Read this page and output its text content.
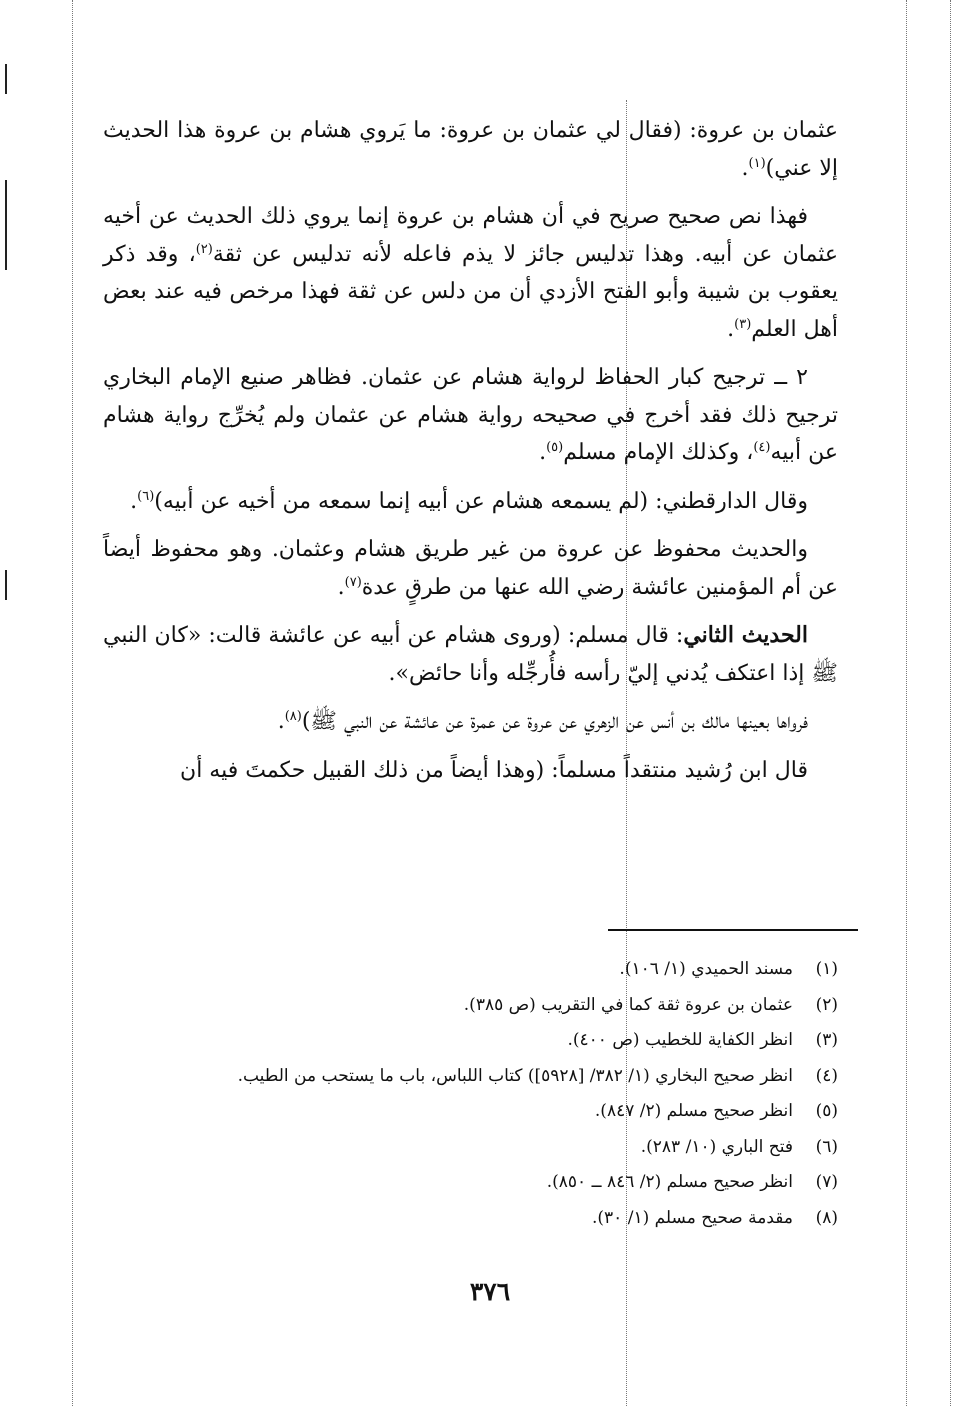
عثمان بن عروة: (فقال لي عثمان بن عروة: ما يَروي هشام بن عروة هذا الحديث إلا عني)$^{(١)}$.

فهذا نص صحيح صريح في أن هشام بن عروة إنما يروي ذلك الحديث عن أخيه عثمان عن أبيه. وهذا تدليس جائز لا يذم فاعله لأنه تدليس عن ثقة$^{(٢)}$، وقد ذكر يعقوب بن شيبة وأبو الفتح الأزدي أن من دلس عن ثقة فهذا مرخص فيه عند بعض أهل العلم$^{(٣)}$.

٢ ــ ترجيح كبار الحفاظ لرواية هشام عن عثمان. فظاهر صنيع الإمام البخاري ترجيح ذلك فقد أخرج في صحيحه رواية هشام عن عثمان ولم يُخرِّج رواية هشام عن أبيه$^{(٤)}$، وكذلك الإمام مسلم$^{(٥)}$.

وقال الدارقطني: (لم يسمعه هشام عن أبيه إنما سمعه من أخيه عن أبيه)$^{(٦)}$.

والحديث محفوظ عن عروة من غير طريق هشام وعثمان. وهو محفوظ أيضاً عن أم المؤمنين عائشة رضي الله عنها من طرقٍ عدة$^{(٧)}$.

الحديث الثاني: قال مسلم: (وروى هشام عن أبيه عن عائشة قالت: «كان النبي ﷺ إذا اعتكف يُدني إليّ رأسه فأُرجِّله وأنا حائض».

فرواها بعينها مالك بن أنس عن الزهري عن عروة عن عمرة عن عائشة عن النبي ﷺ)$^{(٨)}$.

قال ابن رُشيد منتقداً مسلماً: (وهذا أيضاً من ذلك القبيل حكمتَ فيه أن

(١)مسند الحميدي (١/ ١٠٦).
(٢)عثمان بن عروة ثقة كما في التقريب (ص ٣٨٥).
(٣)انظر الكفاية للخطيب (ص ٤٠٠).
(٤)انظر صحيح البخاري (١/ ٣٨٢/ [٥٩٢٨]) كتاب اللباس، باب ما يستحب من الطيب.
(٥)انظر صحيح مسلم (٢/ ٨٤٧).
(٦)فتح الباري (١٠/ ٢٨٣).
(٧)انظر صحيح مسلم (٢/ ٨٤٦ ــ ٨٥٠).
(٨)مقدمة صحيح مسلم (١/ ٣٠).
٣٧٦
